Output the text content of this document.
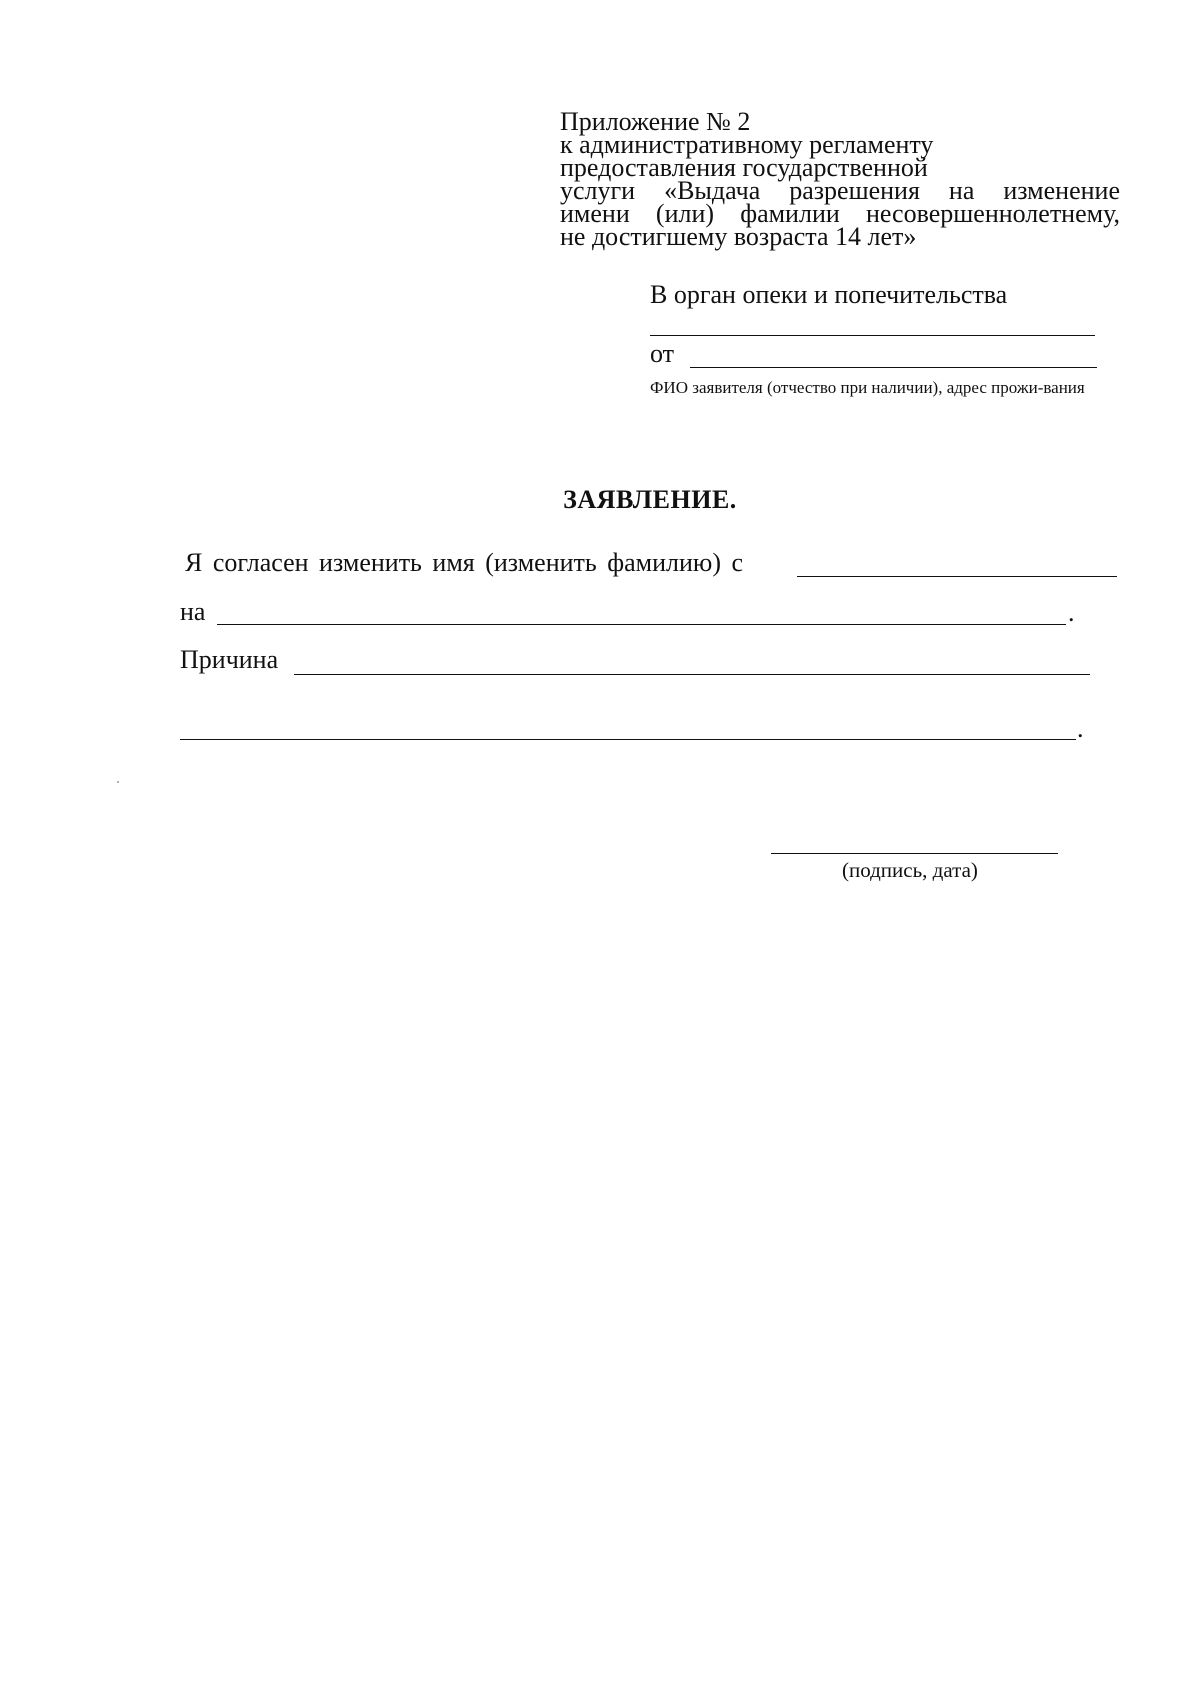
Приложение № 2
к административному регламенту
предоставления государственной
услуги «Выдача разрешения на изменение
имени (или) фамилии несовершеннолетнему,
не достигшему возраста 14 лет»
В орган опеки и попечительства
от
ФИО заявителя (отчество при наличии), адрес прожи-вания
ЗАЯВЛЕНИЕ.
Я согласен изменить имя (изменить фамилию) с
на	.
Причина
.
(подпись, дата)
